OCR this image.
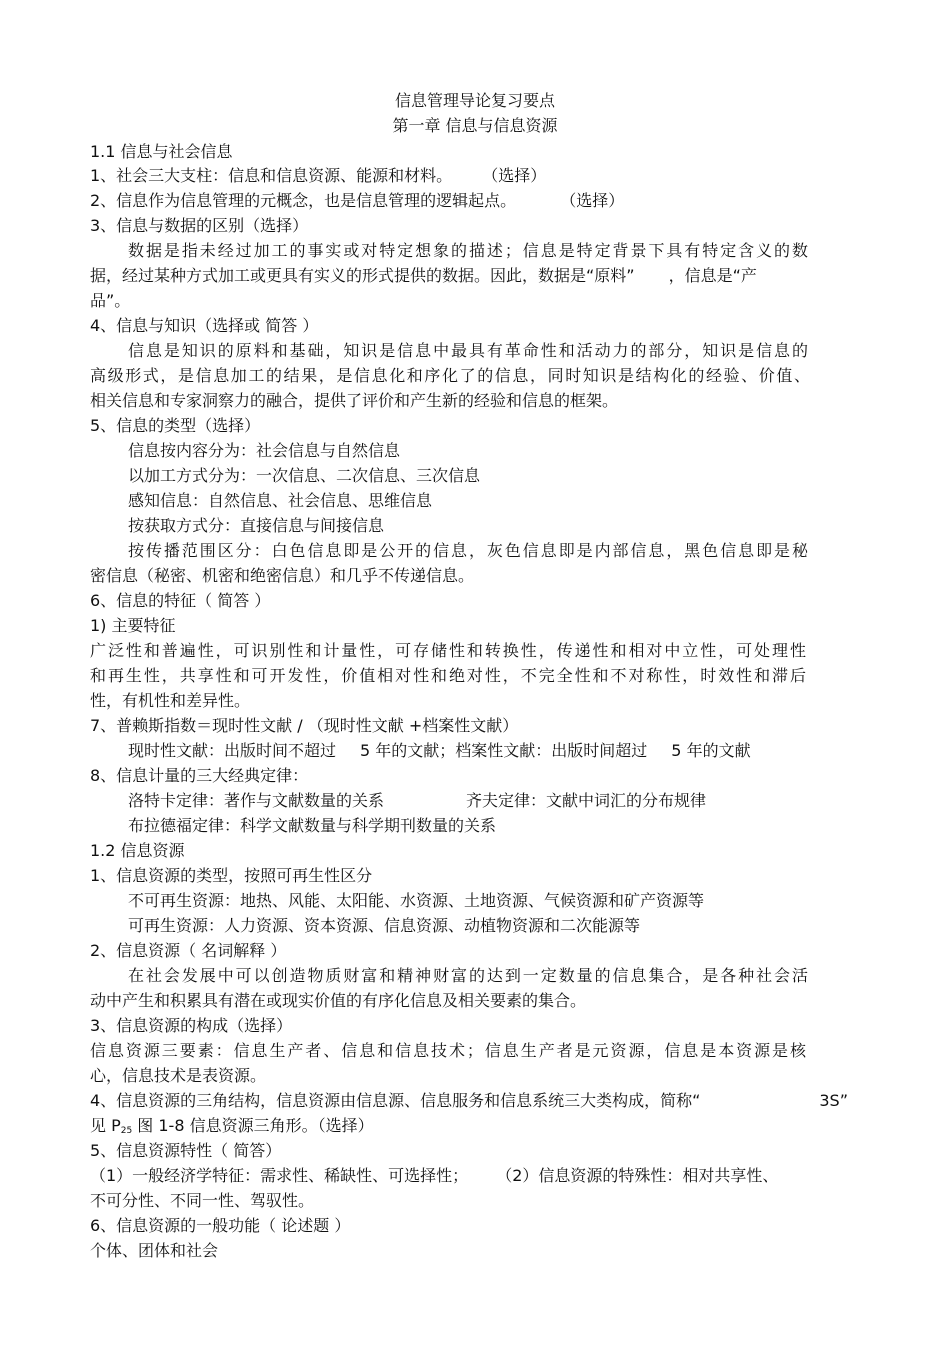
信息管理导论复习要点
第一章 信息与信息资源
1.1 信息与社会信息
1、社会三大支柱：信息和信息资源、能源和材料。 （选择）
2、信息作为信息管理的元概念，也是信息管理的逻辑起点。	（选择）
3、信息与数据的区别（选择）
数据是指未经过加工的事实或对特定想象的描述；信息是特定背景下具有特定含义的数
据，经过某种方式加工或更具有实义的形式提供的数据。因此，数据是“原料” ，信息是“产
品”。
4、信息与知识（选择或 简答 ）
信息是知识的原料和基础，知识是信息中最具有革命性和活动力的部分，知识是信息的
高级形式，是信息加工的结果，是信息化和序化了的信息，同时知识是结构化的经验、价值、
相关信息和专家洞察力的融合，提供了评价和产生新的经验和信息的框架。
5、信息的类型（选择）
信息按内容分为：社会信息与自然信息
以加工方式分为：一次信息、二次信息、三次信息
感知信息：自然信息、社会信息、思维信息
按获取方式分：直接信息与间接信息
按传播范围区分：白色信息即是公开的信息，灰色信息即是内部信息，黑色信息即是秘
密信息（秘密、机密和绝密信息）和几乎不传递信息。
6、信息的特征（ 简答 ）
1) 主要特征
广泛性和普遍性，可识别性和计量性，可存储性和转换性，传递性和相对中立性，可处理性
和再生性，共享性和可开发性，价值相对性和绝对性，不完全性和不对称性，时效性和滞后
性，有机性和差异性。
7、普赖斯指数＝现时性文献 / （现时性文献 +档案性文献）
现时性文献：出版时间不超过 5 年的文献；档案性文献：出版时间超过 5 年的文献
8、信息计量的三大经典定律：
洛特卡定律：著作与文献数量的关系	齐夫定律：文献中词汇的分布规律
布拉德福定律：科学文献数量与科学期刊数量的关系
1.2 信息资源
1、信息资源的类型，按照可再生性区分
不可再生资源：地热、风能、太阳能、水资源、土地资源、气候资源和矿产资源等
可再生资源：人力资源、资本资源、信息资源、动植物资源和二次能源等
2、信息资源（ 名词解释 ）
在社会发展中可以创造物质财富和精神财富的达到一定数量的信息集合，是各种社会活
动中产生和积累具有潜在或现实价值的有序化信息及相关要素的集合。
3、信息资源的构成（选择）
信息资源三要素：信息生产者、信息和信息技术；信息生产者是元资源，信息是本资源是核
心，信息技术是表资源。
4、信息资源的三角结构，信息资源由信息源、信息服务和信息系统三大类构成，简称“	3S”
见 $P_{25}$ 图 1-8 信息资源三角形。（选择）
5、信息资源特性（ 简答）
（1）一般经济学特征：需求性、稀缺性、可选择性； （2）信息资源的特殊性：相对共享性、
不可分性、不同一性、驾驭性。
6、信息资源的一般功能（ 论述题 ）
个体、团体和社会
